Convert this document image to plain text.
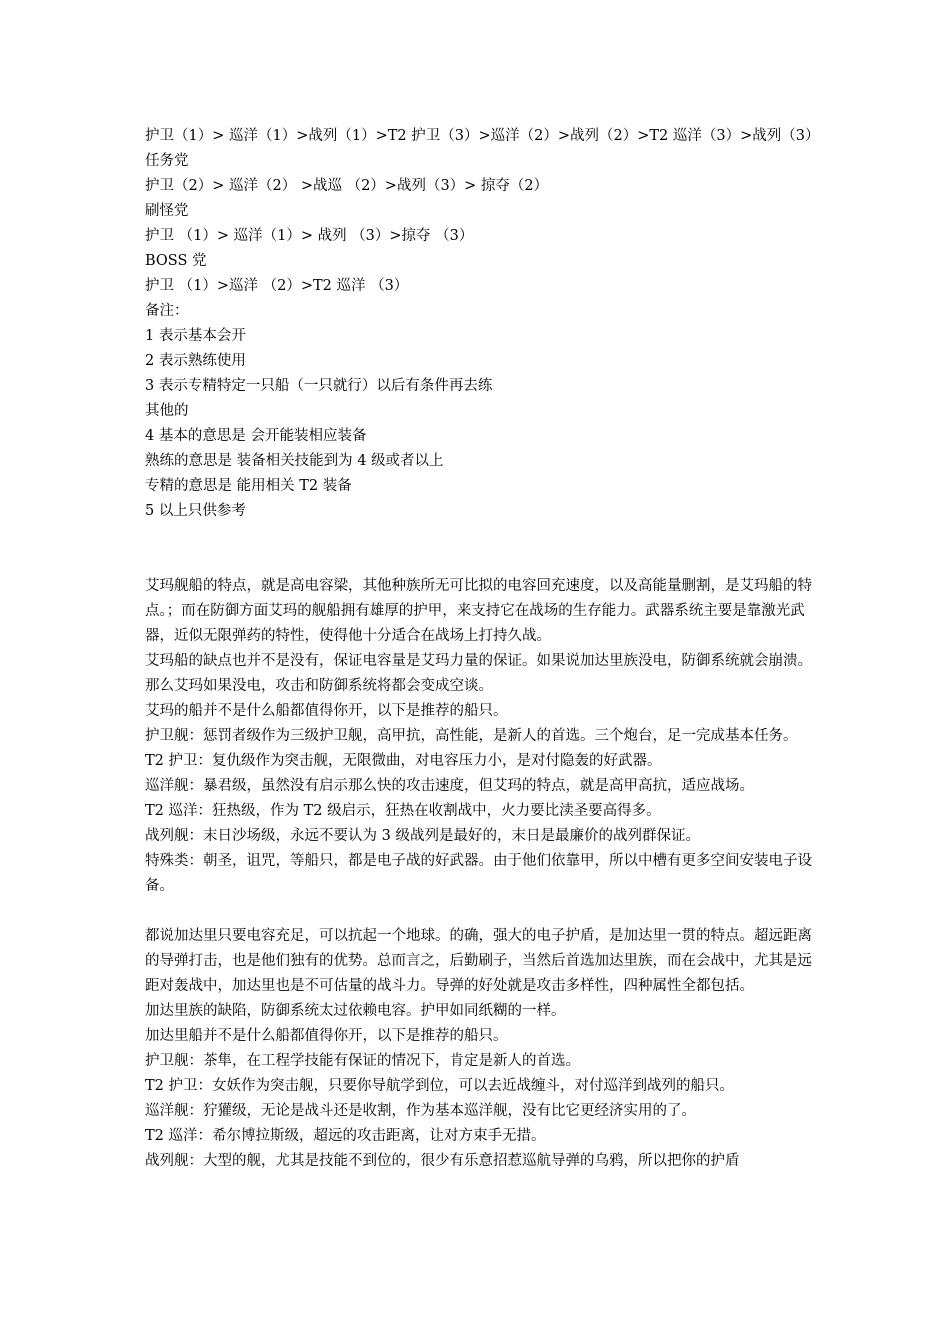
护卫（1）> 巡洋（1）>战列（1）>T2 护卫（3）>巡洋（2）>战列（2）>T2 巡洋（3）>战列（3）
任务党
护卫（2）> 巡洋（2） >战巡 （2）>战列（3）> 掠夺（2）
刷怪党
护卫 （1）> 巡洋（1）> 战列 （3）>掠夺 （3）
BOSS 党
护卫 （1）>巡洋 （2）>T2 巡洋 （3）
备注：
1 表示基本会开
2 表示熟练使用
3 表示专精特定一只船（一只就行）以后有条件再去练
其他的
4 基本的意思是 会开能装相应装备
熟练的意思是 装备相关技能到为 4 级或者以上
专精的意思是 能用相关 T2 装备
5 以上只供参考
艾玛舰船的特点，就是高电容梁，其他种族所无可比拟的电容回充速度，以及高能量删割，是艾玛船的特点。；而在防御方面艾玛的舰船拥有雄厚的护甲，来支持它在战场的生存能力。武器系统主要是靠激光武器，近似无限弹药的特性，使得他十分适合在战场上打持久战。
艾玛船的缺点也并不是没有，保证电容量是艾玛力量的保证。如果说加达里族没电，防御系统就会崩溃。那么艾玛如果没电，攻击和防御系统将都会变成空谈。
艾玛的船并不是什么船都值得你开，以下是推荐的船只。
护卫舰：惩罚者级作为三级护卫舰，高甲抗，高性能，是新人的首选。三个炮台，足一完成基本任务。
T2 护卫：复仇级作为突击舰，无限微曲，对电容压力小，是对付隐轰的好武器。
巡洋舰：暴君级，虽然没有启示那么快的攻击速度，但艾玛的特点，就是高甲高抗，适应战场。
T2 巡洋：狂热级，作为 T2 级启示，狂热在收割战中，火力要比渎圣要高得多。
战列舰：末日沙场级，永远不要认为 3 级战列是最好的，末日是最廉价的战列群保证。
特殊类：朝圣，诅咒，等船只，都是电子战的好武器。由于他们依靠甲，所以中槽有更多空间安装电子设备。
都说加达里只要电容充足，可以抗起一个地球。的确，强大的电子护盾，是加达里一贯的特点。超远距离的导弹打击，也是他们独有的优势。总而言之，后勤刷子，当然后首选加达里族，而在会战中，尤其是远距对轰战中，加达里也是不可估量的战斗力。导弹的好处就是攻击多样性，四种属性全都包括。
加达里族的缺陷，防御系统太过依赖电容。护甲如同纸糊的一样。
加达里船并不是什么船都值得你开，以下是推荐的船只。
护卫舰：茶隼，在工程学技能有保证的情况下，肯定是新人的首选。
T2 护卫：女妖作为突击舰，只要你导航学到位，可以去近战缠斗，对付巡洋到战列的船只。
巡洋舰：狞獾级，无论是战斗还是收割，作为基本巡洋舰，没有比它更经济实用的了。
T2 巡洋：希尔博拉斯级，超远的攻击距离，让对方束手无措。
战列舰：大型的舰，尤其是技能不到位的，很少有乐意招惹巡航导弹的乌鸦，所以把你的护盾
